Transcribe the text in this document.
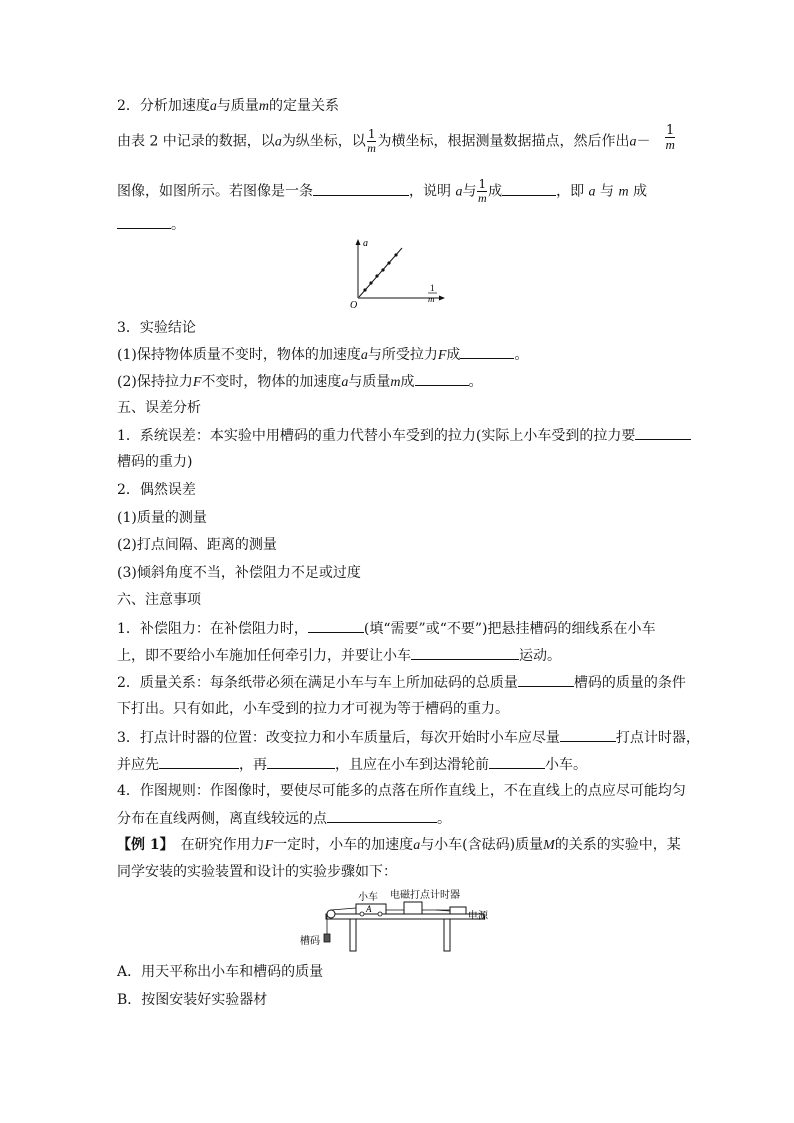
2．分析加速度a与质量m的定量关系
由表 2 中记录的数据，以a为纵坐标，以 $\frac{1}{m}$ 为横坐标，根据测量数据描点，然后作出a－	$\frac{1}{m}$
图像，如图所示。若图像是一条	，说明 a与 $\frac{1}{m}$ 成	，即 a 与 m 成
。
a
O
1
m
3．实验结论
(1)保持物体质量不变时，物体的加速度a与所受拉力F成	。
(2)保持拉力F不变时，物体的加速度a与质量m成	。
五、误差分析
1．系统误差：本实验中用槽码的重力代替小车受到的拉力(实际上小车受到的拉力要
槽码的重力)
2．偶然误差
(1)质量的测量
(2)打点间隔、距离的测量
(3)倾斜角度不当，补偿阻力不足或过度
六、注意事项
1．补偿阻力：在补偿阻力时，	(填“需要”或“不要”)把悬挂槽码的细线系在小车
上，即不要给小车施加任何牵引力，并要让小车	运动。
2．质量关系：每条纸带必须在满足小车与车上所加砝码的总质量	槽码的质量的条件
下打出。只有如此，小车受到的拉力才可视为等于槽码的重力。
3．打点计时器的位置：改变拉力和小车质量后，每次开始时小车应尽量	打点计时器，
并应先	，再	，且应在小车到达滑轮前	小车。
4．作图规则：作图像时，要使尽可能多的点落在所作直线上，不在直线上的点应尽可能均匀
分布在直线两侧，离直线较远的点	。
【例 1】　在研究作用力F一定时，小车的加速度a与小车(含砝码)质量M的关系的实验中，某
同学安装的实验装置和设计的实验步骤如下：
小车
A
电磁打点计时器
电源
槽码
A．用天平称出小车和槽码的质量
B．按图安装好实验器材
